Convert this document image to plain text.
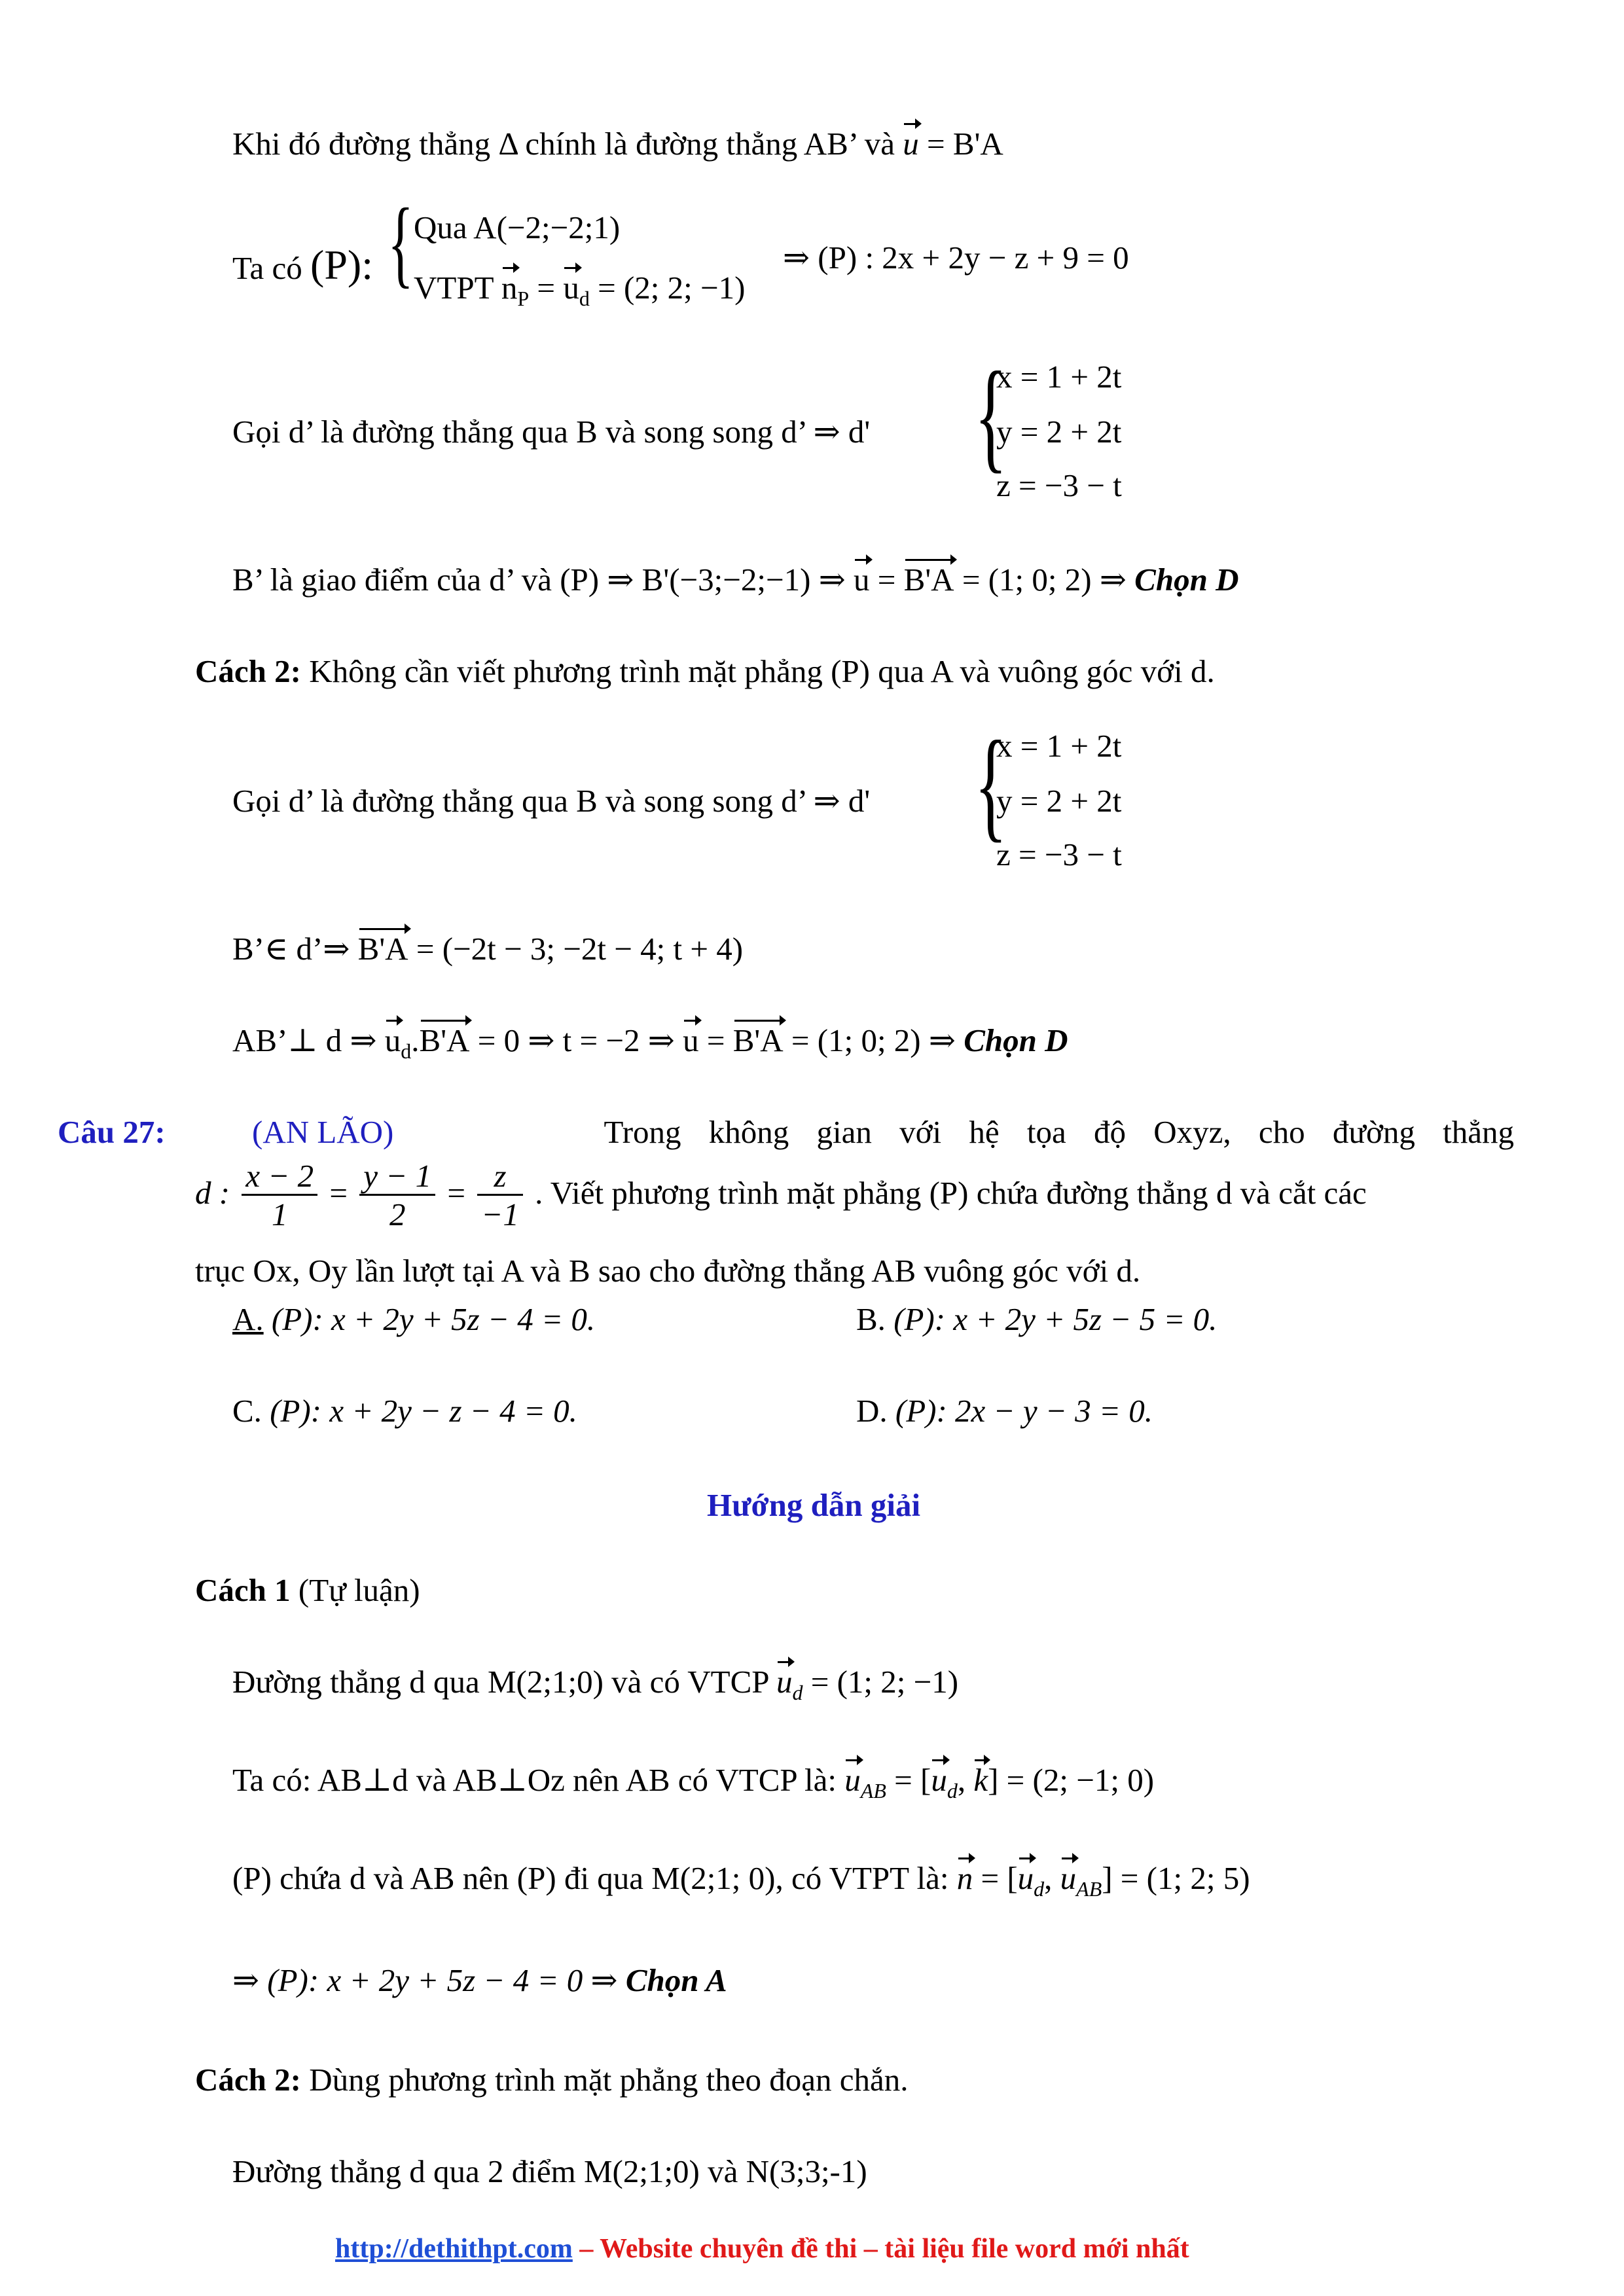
Khi đó đường thẳng Δ chính là đường thẳng AB’ và u = B'A
Ta có (P): { Qua A(−2;−2;1)
VTPT $n_P = u_d = (2$; 2; −1)
⇒ (P) : 2x + 2y − z + 9 = 0
Gọi d’ là đường thẳng qua B và song song d’ ⇒ d' {
x = 1 + 2t
y = 2 + 2t
z = −3 − t
B’ là giao điểm của d’ và (P) ⇒ B'(−3;−2;−1) ⇒ u = B'A = (1; 0; 2) ⇒ Chọn D
Cách 2: Không cần viết phương trình mặt phẳng (P) qua A và vuông góc với d.
Gọi d’ là đường thẳng qua B và song song d’ ⇒ d' {
x = 1 + 2t
y = 2 + 2t
z = −3 − t
B’∈ d’⇒ B'A = (−2t − 3; −2t − 4; t + 4)
AB’⊥ d ⇒ $u_d.B'A = 0$ ⇒ t = −2 ⇒ u = B'A = (1; 0; 2) ⇒ Chọn D
Câu 27:	(AN LÃO)	Trong không gian với hệ tọa độ Oxyz, cho đường thẳng
d : $\frac{x - 2}{1} = \frac{y - 1}{2} = \frac{z}{-1}$ . Viết phương trình mặt phẳng (P) chứa đường thẳng d và cắt các
trục Ox, Oy lần lượt tại A và B sao cho đường thẳng AB vuông góc với d.
A. (P): x + 2y + 5z − 4 = 0.	B. (P): x + 2y + 5z − 5 = 0.
C. (P): x + 2y − z − 4 = 0.	D. (P): 2x − y − 3 = 0.
Hướng dẫn giải
Cách 1 (Tự luận)
Đường thẳng d qua M(2;1;0) và có VTCP $u_d = (1$; 2; −1)
Ta có: AB⊥d và AB⊥Oz nên AB có VTCP là: $u_{AB} = [u_d$, k] = (2; −1; 0)
(P) chứa d và AB nên (P) đi qua M(2;1; 0), có VTPT là: $n = [u_d$, $u_{AB}] = (1$; 2; 5)
⇒ (P): x + 2y + 5z − 4 = 0 ⇒ Chọn A
Cách 2: Dùng phương trình mặt phẳng theo đoạn chắn.
Đường thẳng d qua 2 điểm M(2;1;0) và N(3;3;-1)
http://dethithpt.com – Website chuyên đề thi – tài liệu file word mới nhất
